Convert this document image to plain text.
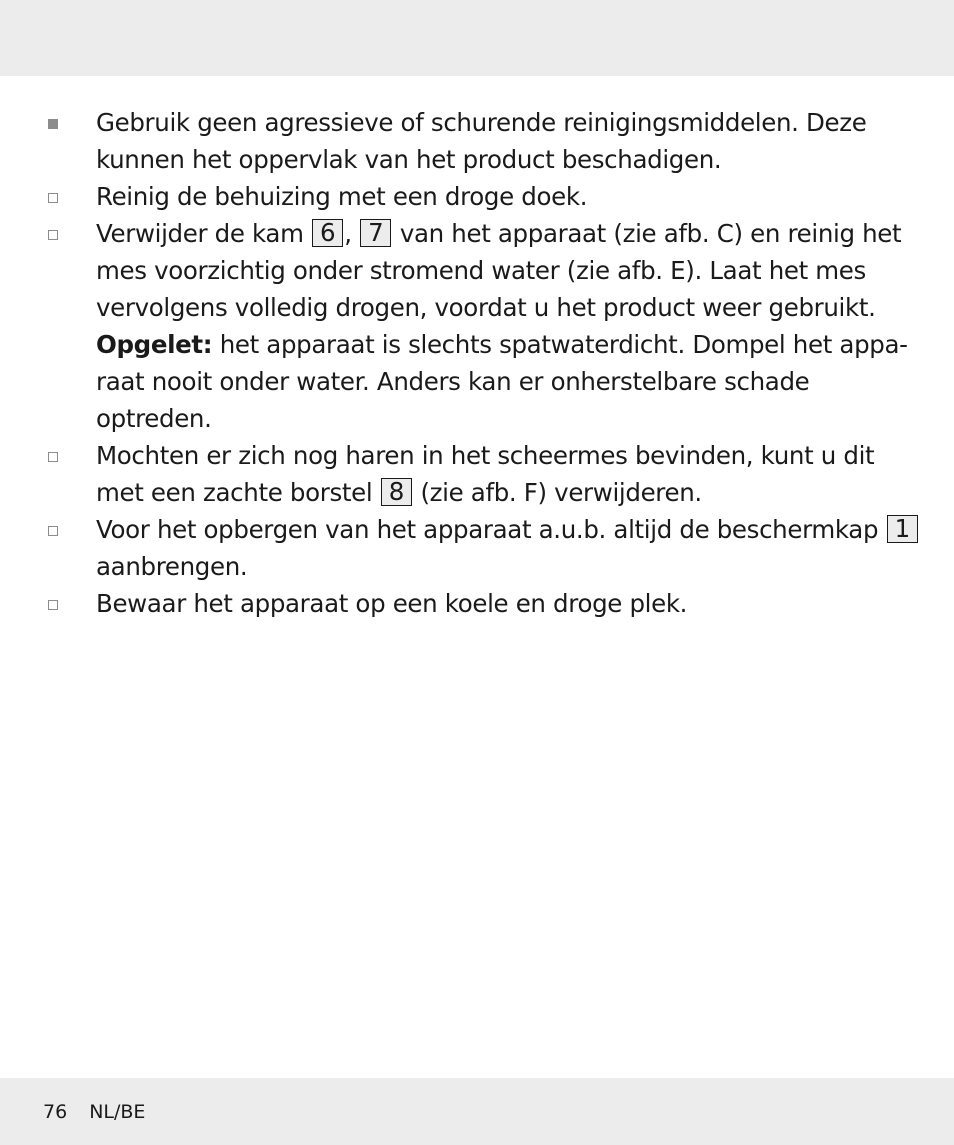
Gebruik geen agressieve of schurende reinigingsmiddelen. Deze kunnen het oppervlak van het product beschadigen.
Reinig de behuizing met een droge doek.
Verwijder de kam 6 , 7 van het apparaat (zie afb. C) en reinig het mes voorzichtig onder stromend water (zie afb. E). Laat het mes vervolgens volledig drogen, voordat u het product weer gebruikt.
Opgelet: het apparaat is slechts spatwaterdicht. Dompel het apparaat nooit onder water. Anders kan er onherstelbare schade optreden.
Mochten er zich nog haren in het scheermes bevinden, kunt u dit met een zachte borstel 8 (zie afb. F) verwijderen.
Voor het opbergen van het apparaat a.u.b. altijd de beschermkap 1 aanbrengen.
Bewaar het apparaat op een koele en droge plek.
76 NL/BE
